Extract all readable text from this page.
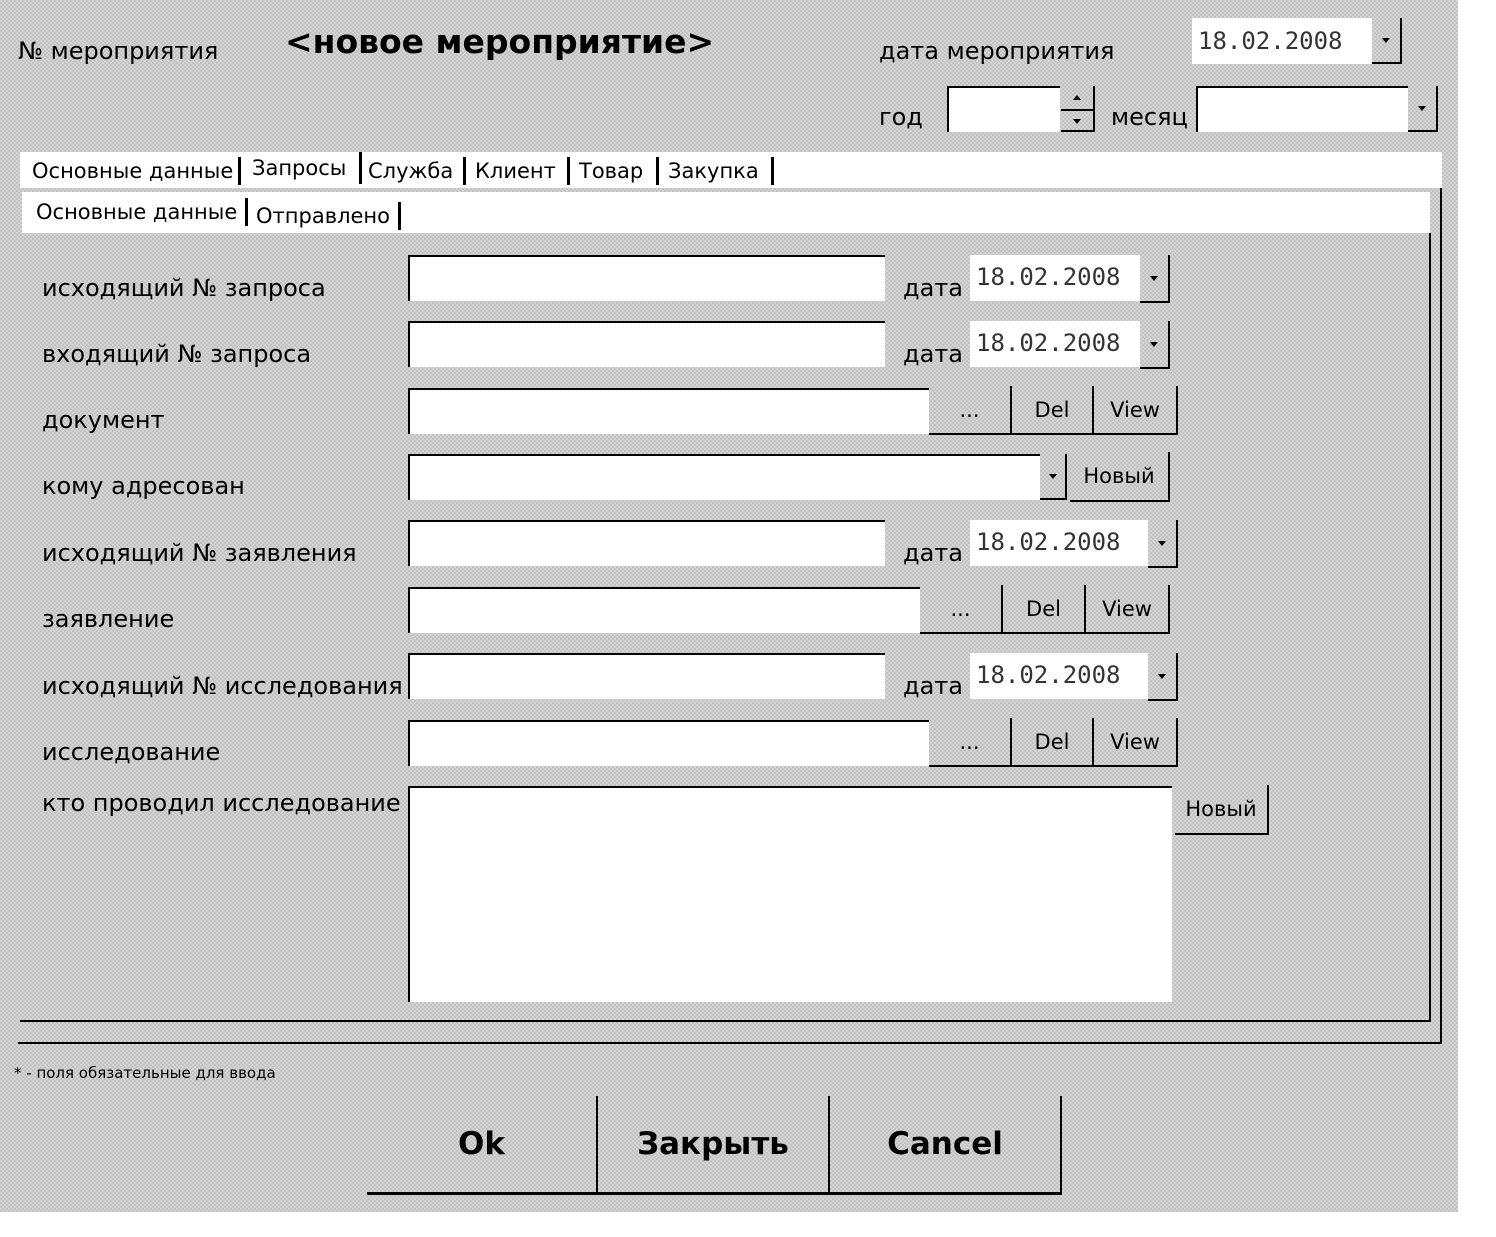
№ мероприятия <новое мероприятие>	дата мероприятия	18.02.2008
год	месяц
Основные данные Запросы	Служба	Клиент	Товар	Закупка
Основные данные Отправлено
исходящий № запроса	дата 18.02.2008
входящий № запроса	дата 18.02.2008
документ	...	Del	View
кому адресован	Новый
исходящий № заявления	дата 18.02.2008
заявление	...	Del	View
исходящий № исследования	дата 18.02.2008
исследование	...	Del	View
кто проводил исследование	Новый
* - поля обязательные для ввода
Ok	Закрыть	Cancel
